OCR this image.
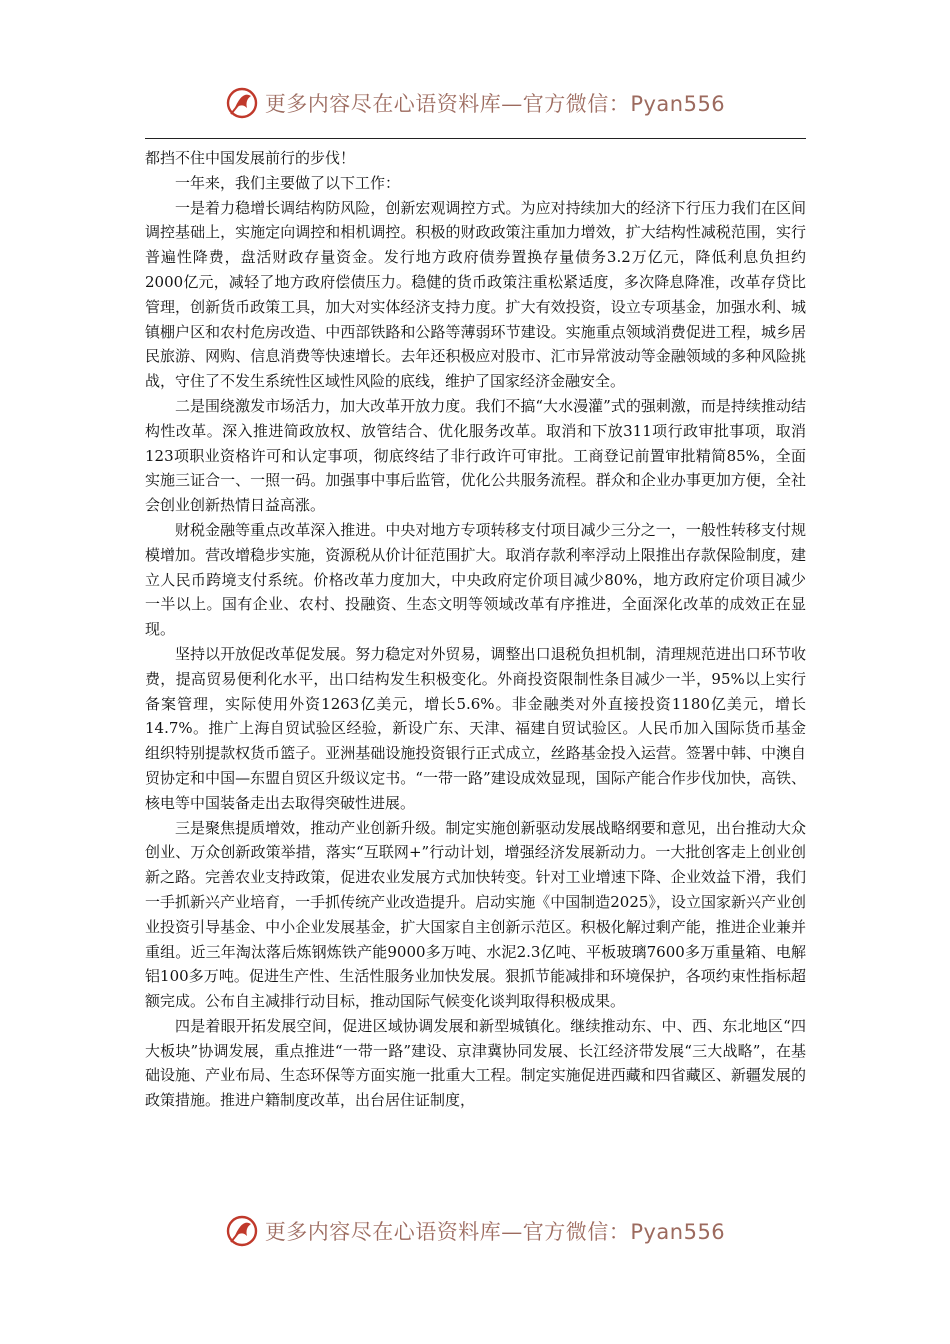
更多内容尽在心语资料库—官方微信：Pyan556

都挡不住中国发展前行的步伐！

一年来，我们主要做了以下工作：

一是着力稳增长调结构防风险，创新宏观调控方式。为应对持续加大的经济下行压力我们在区间调控基础上，实施定向调控和相机调控。积极的财政政策注重加力增效，扩大结构性减税范围，实行普遍性降费，盘活财政存量资金。发行地方政府债券置换存量债务3.2万亿元，降低利息负担约2000亿元，减轻了地方政府偿债压力。稳健的货币政策注重松紧适度，多次降息降准，改革存贷比管理，创新货币政策工具，加大对实体经济支持力度。扩大有效投资，设立专项基金，加强水利、城镇棚户区和农村危房改造、中西部铁路和公路等薄弱环节建设。实施重点领域消费促进工程，城乡居民旅游、网购、信息消费等快速增长。去年还积极应对股市、汇市异常波动等金融领域的多种风险挑战，守住了不发生系统性区域性风险的底线，维护了国家经济金融安全。

二是围绕激发市场活力，加大改革开放力度。我们不搞“大水漫灌”式的强刺激，而是持续推动结构性改革。深入推进简政放权、放管结合、优化服务改革。取消和下放311项行政审批事项，取消123项职业资格许可和认定事项，彻底终结了非行政许可审批。工商登记前置审批精简85%，全面实施三证合一、一照一码。加强事中事后监管，优化公共服务流程。群众和企业办事更加方便，全社会创业创新热情日益高涨。

财税金融等重点改革深入推进。中央对地方专项转移支付项目减少三分之一，一般性转移支付规模增加。营改增稳步实施，资源税从价计征范围扩大。取消存款利率浮动上限推出存款保险制度，建立人民币跨境支付系统。价格改革力度加大，中央政府定价项目减少80%，地方政府定价项目减少一半以上。国有企业、农村、投融资、生态文明等领域改革有序推进，全面深化改革的成效正在显现。

坚持以开放促改革促发展。努力稳定对外贸易，调整出口退税负担机制，清理规范进出口环节收费，提高贸易便利化水平，出口结构发生积极变化。外商投资限制性条目减少一半，95%以上实行备案管理，实际使用外资1263亿美元，增长5.6%。非金融类对外直接投资1180亿美元，增长14.7%。推广上海自贸试验区经验，新设广东、天津、福建自贸试验区。人民币加入国际货币基金组织特别提款权货币篮子。亚洲基础设施投资银行正式成立，丝路基金投入运营。签署中韩、中澳自贸协定和中国—东盟自贸区升级议定书。“一带一路”建设成效显现，国际产能合作步伐加快，高铁、核电等中国装备走出去取得突破性进展。

三是聚焦提质增效，推动产业创新升级。制定实施创新驱动发展战略纲要和意见，出台推动大众创业、万众创新政策举措，落实“互联网+”行动计划，增强经济发展新动力。一大批创客走上创业创新之路。完善农业支持政策，促进农业发展方式加快转变。针对工业增速下降、企业效益下滑，我们一手抓新兴产业培育，一手抓传统产业改造提升。启动实施《中国制造2025》，设立国家新兴产业创业投资引导基金、中小企业发展基金，扩大国家自主创新示范区。积极化解过剩产能，推进企业兼并重组。近三年淘汰落后炼钢炼铁产能9000多万吨、水泥2.3亿吨、平板玻璃7600多万重量箱、电解铝100多万吨。促进生产性、生活性服务业加快发展。狠抓节能减排和环境保护，各项约束性指标超额完成。公布自主减排行动目标，推动国际气候变化谈判取得积极成果。

四是着眼开拓发展空间，促进区域协调发展和新型城镇化。继续推动东、中、西、东北地区“四大板块”协调发展，重点推进“一带一路”建设、京津冀协同发展、长江经济带发展“三大战略”，在基础设施、产业布局、生态环保等方面实施一批重大工程。制定实施促进西藏和四省藏区、新疆发展的政策措施。推进户籍制度改革，出台居住证制度，

更多内容尽在心语资料库—官方微信：Pyan556
